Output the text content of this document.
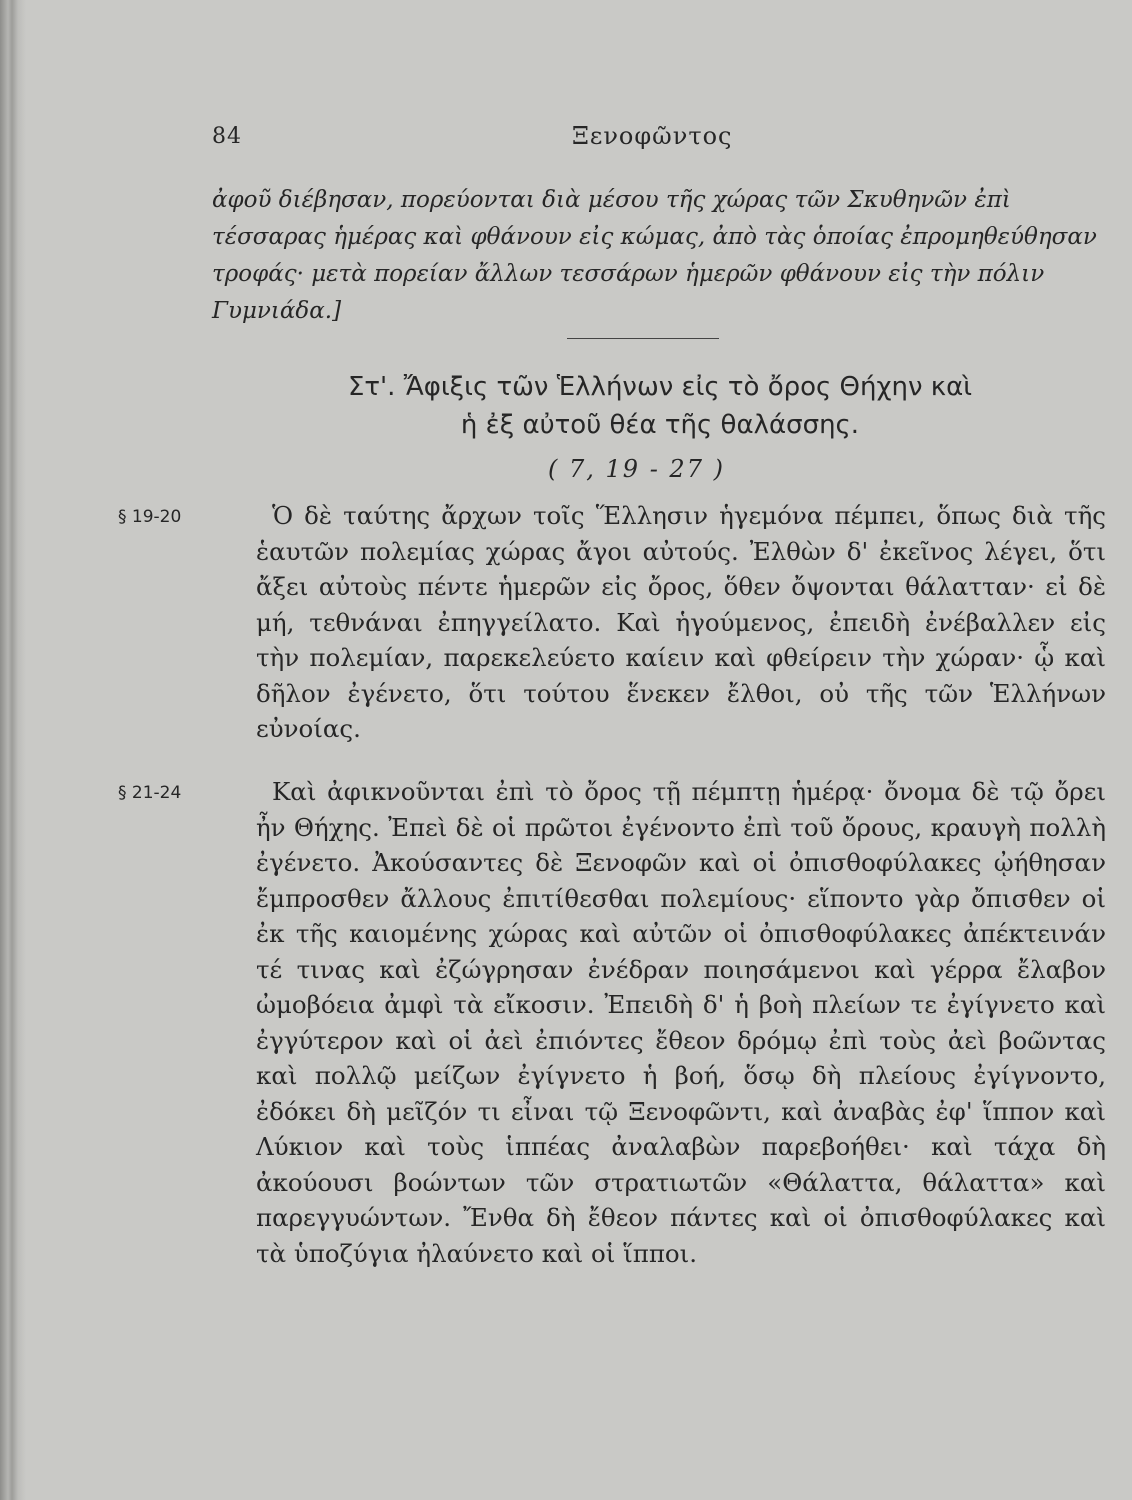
84	Ξενοφῶντος

ἀφοῦ διέβησαν, πορεύονται διὰ μέσου τῆς χώρας τῶν Σκυθηνῶν ἐπὶ τέσσαρας ἡμέρας καὶ φθάνουν εἰς κώμας, ἀπὸ τὰς ὁποίας ἐπρομηθεύθησαν τροφάς· μετὰ πορείαν ἄλλων τεσσάρων ἡμερῶν φθάνουν εἰς τὴν πόλιν Γυμνιάδα.]

Στ'. Ἄφιξις τῶν Ἑλλήνων εἰς τὸ ὄρος Θήχην καὶ
ἡ ἐξ αὐτοῦ θέα τῆς θαλάσσης.
( 7, 19 - 27 )
§ 19-20	Ὁ δὲ ταύτης ἄρχων τοῖς Ἕλλησιν ἡγεμόνα πέμπει, ὅπως διὰ τῆς ἑαυτῶν πολεμίας χώρας ἄγοι αὐτούς. Ἐλθὼν δ' ἐκεῖνος λέγει, ὅτι ἄξει αὐτοὺς πέντε ἡμερῶν εἰς ὄρος, ὅθεν ὄψονται θάλατταν· εἰ δὲ μή, τεθνάναι ἐπηγγείλατο. Καὶ ἡγούμενος, ἐπειδὴ ἐνέβαλλεν εἰς τὴν πολεμίαν, παρεκελεύετο καίειν καὶ φθείρειν τὴν χώραν· ᾧ καὶ δῆλον ἐγένετο, ὅτι τούτου ἕνεκεν ἔλθοι, οὐ τῆς τῶν Ἑλλήνων εὐνοίας.

§ 21-24	Καὶ ἀφικνοῦνται ἐπὶ τὸ ὄρος τῇ πέμπτῃ ἡμέρᾳ· ὄνομα δὲ τῷ ὄρει ἦν Θήχης. Ἐπεὶ δὲ οἱ πρῶτοι ἐγένοντο ἐπὶ τοῦ ὄρους, κραυγὴ πολλὴ ἐγένετο. Ἀκούσαντες δὲ Ξενοφῶν καὶ οἱ ὀπισθοφύλακες ᾠήθησαν ἔμπροσθεν ἄλλους ἐπιτίθεσθαι πολεμίους· εἵποντο γὰρ ὄπισθεν οἱ ἐκ τῆς καιομένης χώρας καὶ αὐτῶν οἱ ὀπισθοφύλακες ἀπέκτεινάν τέ τινας καὶ ἐζώγρησαν ἐνέδραν ποιησάμενοι καὶ γέρρα ἔλαβον ὠμοβόεια ἀμφὶ τὰ εἴκοσιν. Ἐπειδὴ δ' ἡ βοὴ πλείων τε ἐγίγνετο καὶ ἐγγύτερον καὶ οἱ ἀεὶ ἐπιόντες ἔθεον δρόμῳ ἐπὶ τοὺς ἀεὶ βοῶντας καὶ πολλῷ μείζων ἐγίγνετο ἡ βοή, ὅσῳ δὴ πλείους ἐγίγνοντο, ἐδόκει δὴ μεῖζόν τι εἶναι τῷ Ξενοφῶντι, καὶ ἀναβὰς ἐφ' ἵππον καὶ Λύκιον καὶ τοὺς ἱππέας ἀναλαβὼν παρεβοήθει· καὶ τάχα δὴ ἀκούουσι βοώντων τῶν στρατιωτῶν «Θάλαττα, θάλαττα» καὶ παρεγγυώντων. Ἔνθα δὴ ἔθεον πάντες καὶ οἱ ὀπισθοφύλακες καὶ τὰ ὑποζύγια ἠλαύνετο καὶ οἱ ἵπποι.
